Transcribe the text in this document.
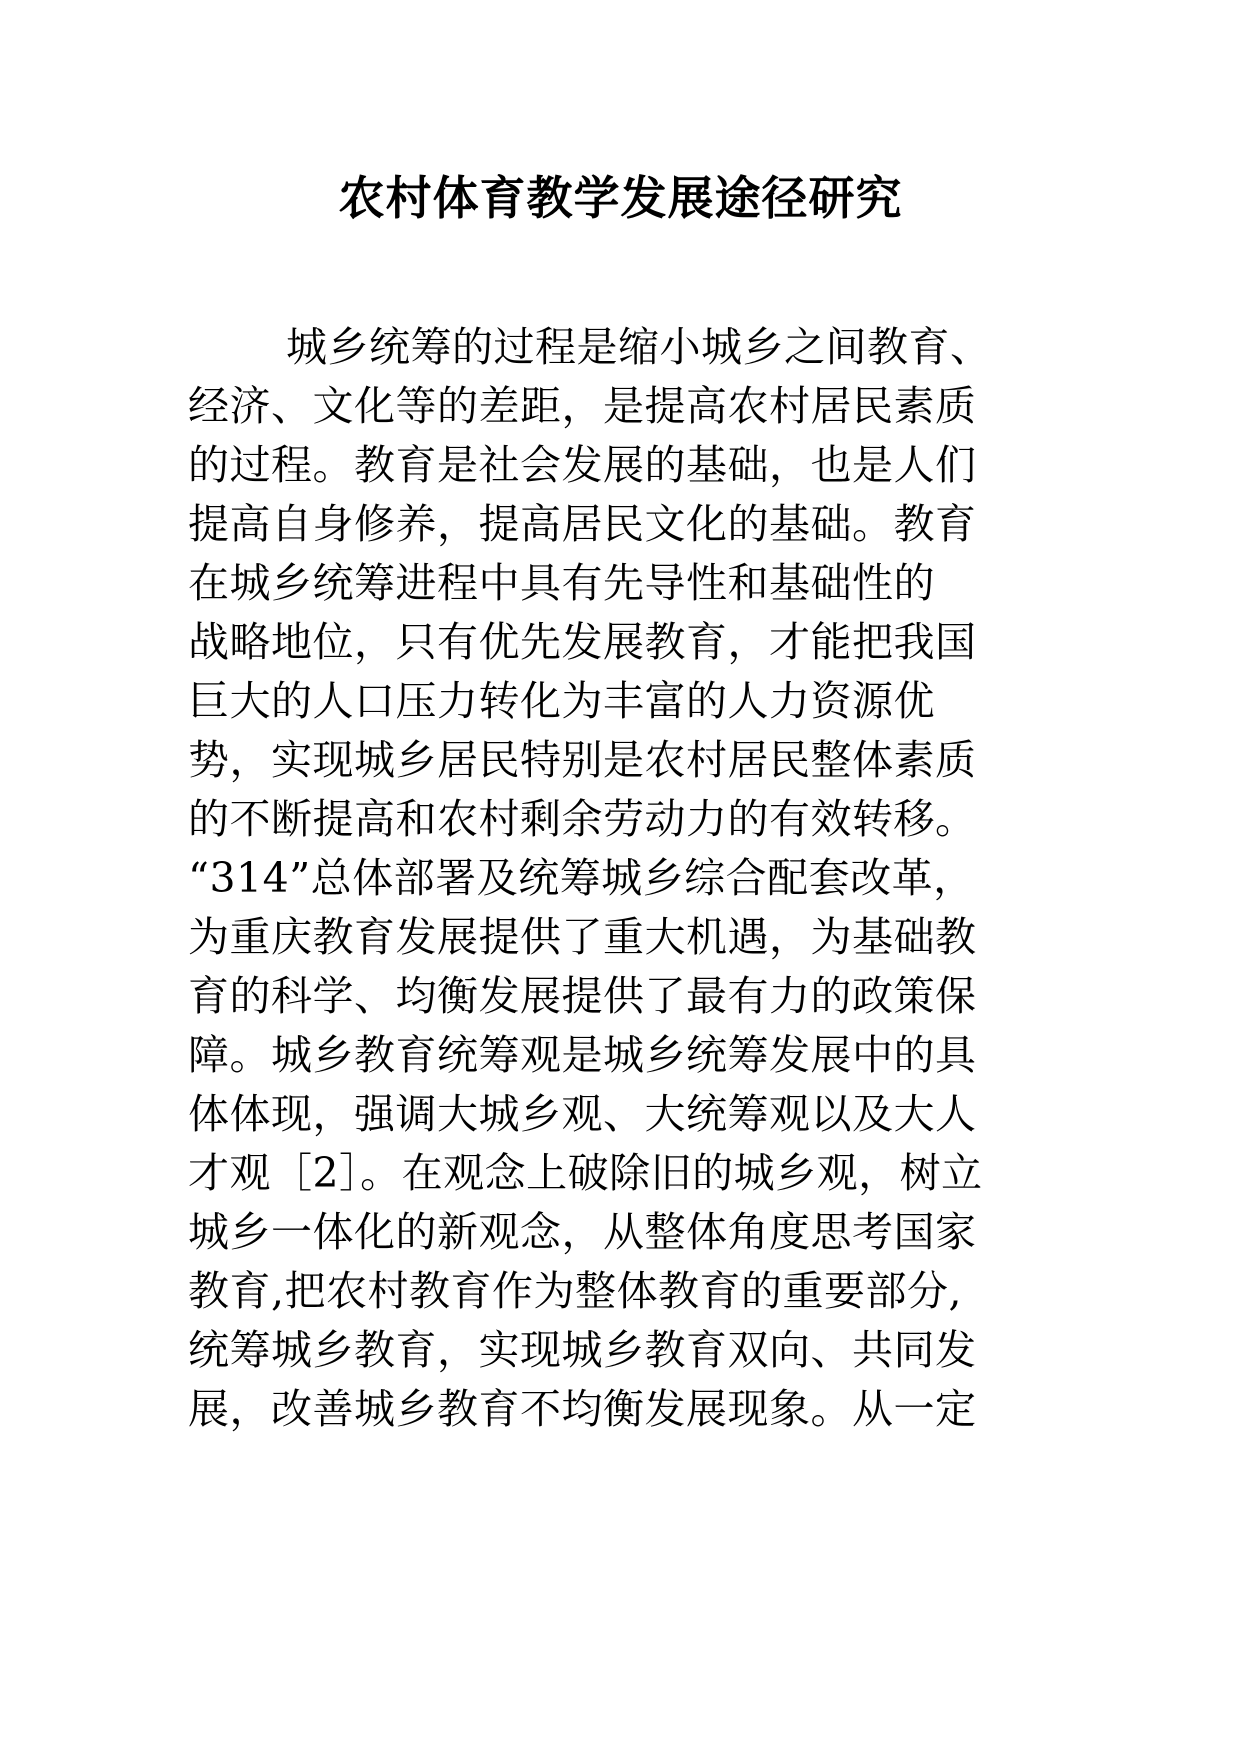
农村体育教学发展途径研究
城乡统筹的过程是缩小城乡之间教育、
经济、文化等的差距，是提高农村居民素质
的过程。教育是社会发展的基础，也是人们
提高自身修养，提高居民文化的基础。教育
在城乡统筹进程中具有先导性和基础性的
战略地位，只有优先发展教育，才能把我国
巨大的人口压力转化为丰富的人力资源优
势，实现城乡居民特别是农村居民整体素质
的不断提高和农村剩余劳动力的有效转移。
“314”总体部署及统筹城乡综合配套改革，
为重庆教育发展提供了重大机遇，为基础教
育的科学、均衡发展提供了最有力的政策保
障。城乡教育统筹观是城乡统筹发展中的具
体体现，强调大城乡观、大统筹观以及大人
才观［2］。在观念上破除旧的城乡观，树立
城乡一体化的新观念，从整体角度思考国家
教育,把农村教育作为整体教育的重要部分,
统筹城乡教育，实现城乡教育双向、共同发
展，改善城乡教育不均衡发展现象。从一定
